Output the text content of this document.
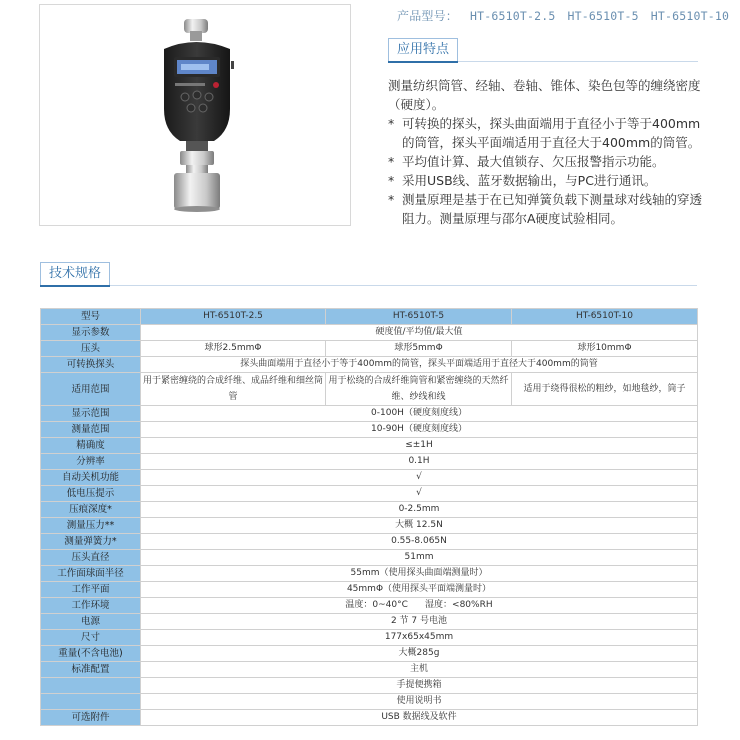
产品型号： HT-6510T-2.5 HT-6510T-5 HT-6510T-10
应用特点

测量纺织筒管、经轴、卷轴、锥体、染色包等的缠绕密度（硬度）。

* 可转换的探头，探头曲面端用于直径小于等于400mm的筒管，探头平面端适用于直径大于400mm的筒管。
* 平均值计算、最大值锁存、欠压报警指示功能。
* 采用USB线、蓝牙数据输出，与PC进行通讯。
* 测量原理是基于在已知弹簧负载下测量球对线轴的穿透阻力。测量原理与邵尔A硬度试验相同。
技术规格
型号	HT-6510T-2.5	HT-6510T-5	HT-6510T-10
显示参数	硬度值/平均值/最大值		
压头	球形2.5mmΦ	球形5mmΦ	球形10mmΦ
可转换探头	探头曲面端用于直径小于等于400mm的筒管，探头平面端适用于直径大于400mm的筒管		
适用范围	用于紧密缠绕的合成纤维、成品纤维和细丝筒管	用于松绕的合成纤维筒管和紧密缠绕的天然纤维、纱线和线	适用于绕得很松的粗纱，如地毯纱，筒子
显示范围	0-100H（硬度刻度线）		
测量范围	10-90H（硬度刻度线）		
精确度	≤±1H		
分辨率	0.1H		
自动关机功能	√		
低电压提示	√		
压痕深度*	0-2.5mm		
测量压力**	大概 12.5N		
测量弹簧力*	0.55-8.065N		
压头直径	51mm		
工作面球面半径	55mm（使用探头曲面端测量时）		
工作平面	45mmΦ（使用探头平面端测量时）		
工作环境	温度：0~40°C      湿度：<80%RH		
电源	2 节 7 号电池		
尺寸	177x65x45mm		
重量(不含电池)	大概285g		
标准配置	主机		
	手提便携箱		
	使用说明书		
可选附件	USB 数据线及软件		
